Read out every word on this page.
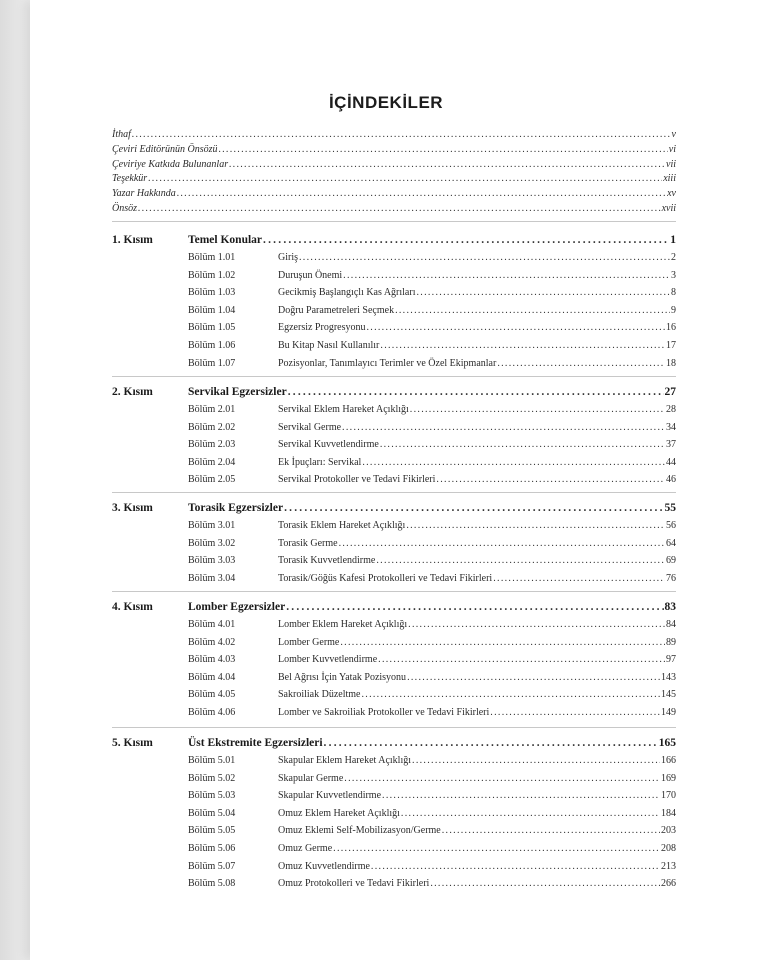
İÇİNDEKİLER
İthaf .....	v
Çeviri Editörünün Önsözü .....	vi
Çeviriye Katkıda Bulunanlar .....	vii
Teşekkür .....	xiii
Yazar Hakkında .....	xv
Önsöz .....	xvii
1. Kısım	Temel Konular .....	1
Bölüm 1.01	Giriş .....	2
Bölüm 1.02	Duruşun Önemi .....	3
Bölüm 1.03	Gecikmiş Başlangıçlı Kas Ağrıları .....	8
Bölüm 1.04	Doğru Parametreleri Seçmek .....	9
Bölüm 1.05	Egzersiz Progresyonu .....	16
Bölüm 1.06	Bu Kitap Nasıl Kullanılır .....	17
Bölüm 1.07	Pozisyonlar, Tanımlayıcı Terimler ve Özel Ekipmanlar .....	18
2. Kısım	Servikal Egzersizler .....	27
Bölüm 2.01	Servikal Eklem Hareket Açıklığı .....	28
Bölüm 2.02	Servikal Germe .....	34
Bölüm 2.03	Servikal Kuvvetlendirme .....	37
Bölüm 2.04	Ek İpuçları: Servikal .....	44
Bölüm 2.05	Servikal Protokoller ve Tedavi Fikirleri .....	46
3. Kısım	Torasik Egzersizler .....	55
Bölüm 3.01	Torasik Eklem Hareket Açıklığı .....	56
Bölüm 3.02	Torasik Germe .....	64
Bölüm 3.03	Torasik Kuvvetlendirme .....	69
Bölüm 3.04	Torasik/Göğüs Kafesi Protokolleri ve Tedavi Fikirleri .....	76
4. Kısım	Lomber Egzersizler .....	83
Bölüm 4.01	Lomber Eklem Hareket Açıklığı .....	84
Bölüm 4.02	Lomber Germe .....	89
Bölüm 4.03	Lomber Kuvvetlendirme .....	97
Bölüm 4.04	Bel Ağrısı İçin Yatak Pozisyonu .....	143
Bölüm 4.05	Sakroiliak Düzeltme .....	145
Bölüm 4.06	Lomber ve Sakroiliak Protokoller ve Tedavi Fikirleri .....	149
5. Kısım	Üst Ekstremite Egzersizleri .....	165
Bölüm 5.01	Skapular Eklem Hareket Açıklığı .....	166
Bölüm 5.02	Skapular Germe .....	169
Bölüm 5.03	Skapular Kuvvetlendirme .....	170
Bölüm 5.04	Omuz Eklem Hareket Açıklığı .....	184
Bölüm 5.05	Omuz Eklemi Self-Mobilizasyon/Germe .....	203
Bölüm 5.06	Omuz Germe .....	208
Bölüm 5.07	Omuz Kuvvetlendirme .....	213
Bölüm 5.08	Omuz Protokolleri ve Tedavi Fikirleri .....	266
